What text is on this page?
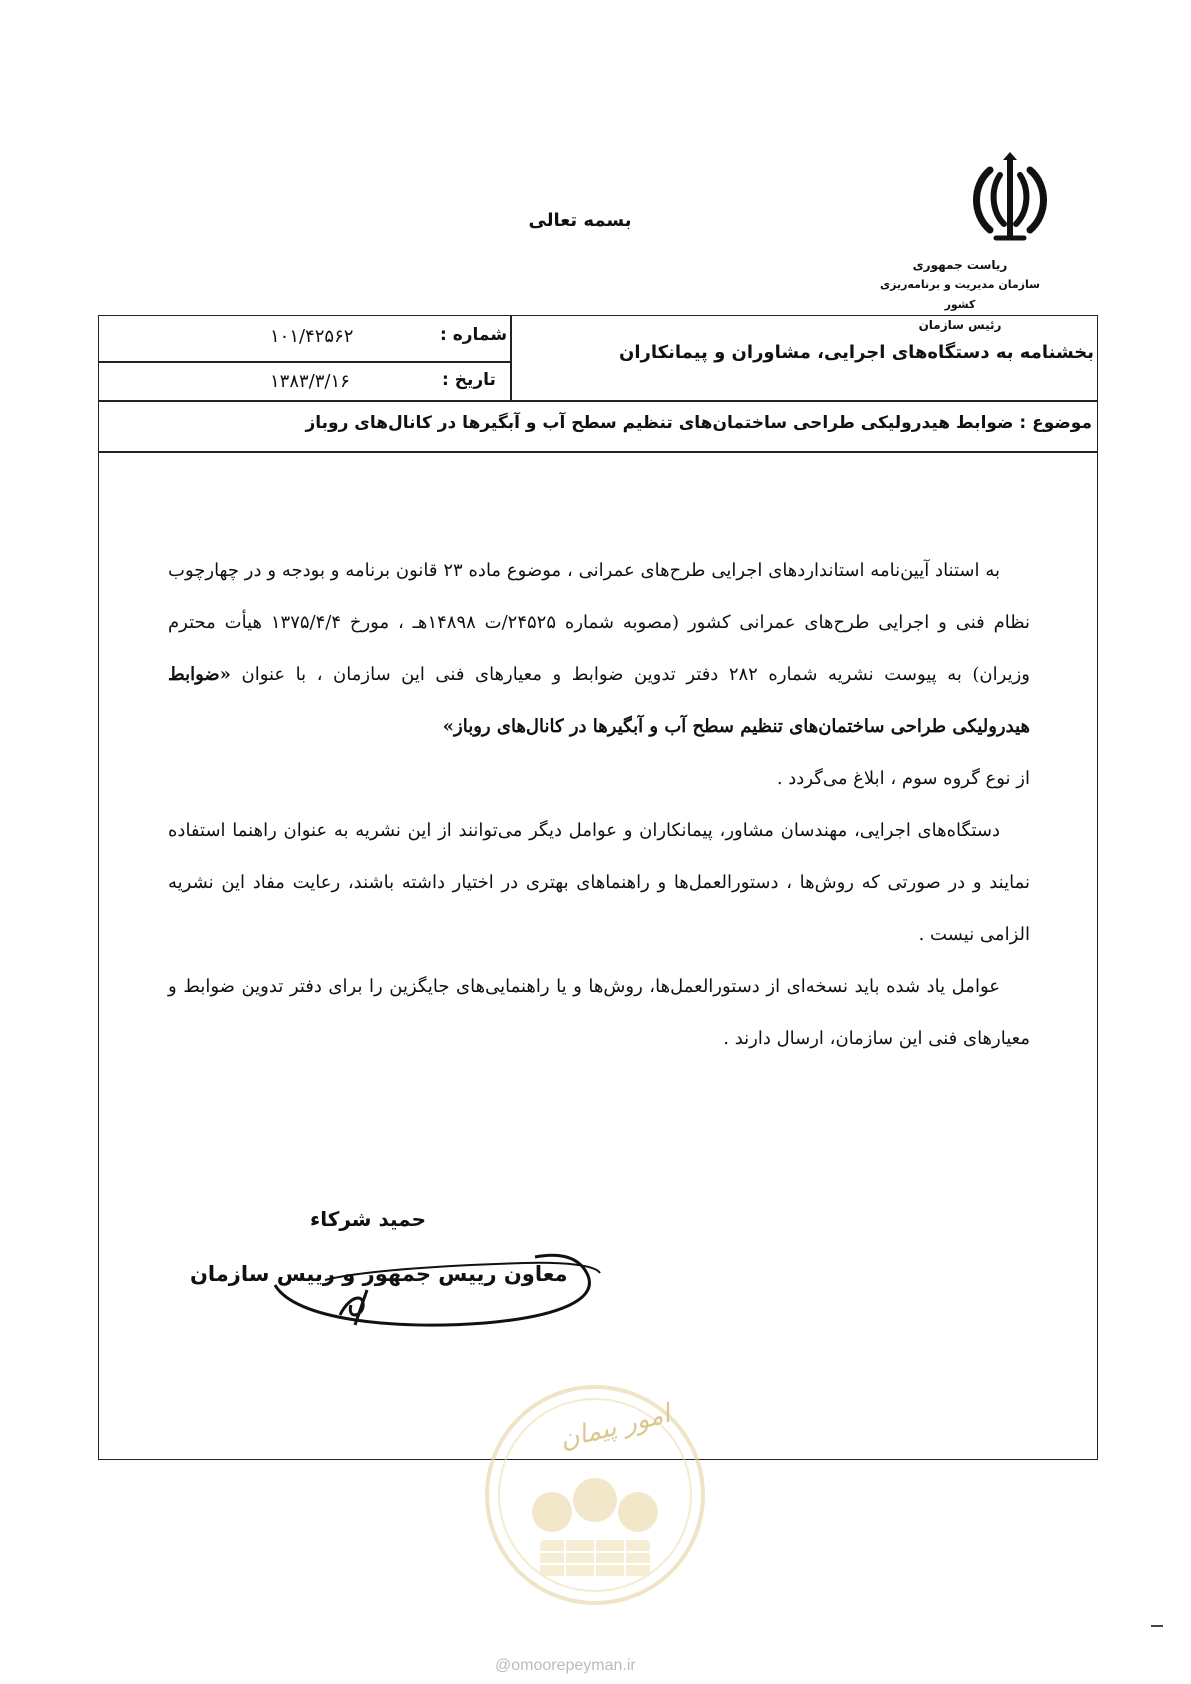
ریاست جمهوری
سازمان مدیریت و برنامه‌ریزی کشور
رئیس سازمان
بسمه تعالی
شماره :
۱۰۱/۴۲۵۶۲
تاریخ :
۱۳۸۳/۳/۱۶
بخشنامه به دستگاه‌های اجرایی، مشاوران و پیمانکاران
موضوع : ضوابط هیدرولیکی طراحی ساختمان‌های تنظیم سطح آب و آبگیرها در کانال‌های روباز

به استناد آیین‌نامه استانداردهای اجرایی طرح‌های عمرانی ، موضوع ماده ۲۳ قانون برنامه و بودجه و در چهارچوب نظام فنی و اجرایی طرح‌های عمرانی کشور (مصوبه شماره ۲۴۵۲۵/ت ۱۴۸۹۸هـ ، مورخ ۱۳۷۵/۴/۴ هیأت محترم وزیران) به پیوست نشریه شماره ۲۸۲ دفتر تدوین ضوابط و معیارهای فنی این سازمان ، با عنوان «ضوابط هیدرولیکی طراحی ساختمان‌های تنظیم سطح آب و آبگیرها در کانال‌های روباز»

از نوع گروه سوم ، ابلاغ می‌گردد .

دستگاه‌های اجرایی، مهندسان مشاور، پیمانکاران و عوامل دیگر می‌توانند از این نشریه به عنوان راهنما استفاده نمایند و در صورتی که روش‌ها ، دستورالعمل‌ها و راهنماهای بهتری در اختیار داشته باشند، رعایت مفاد این نشریه الزامی نیست .

عوامل یاد شده باید نسخه‌ای از دستورالعمل‌ها، روش‌ها و یا راهنمایی‌های جایگزین را برای دفتر تدوین ضوابط و معیارهای فنی این سازمان، ارسال دارند .

حمید شرکاء
معاون رییس جمهور و رییس سازمان
امور پیمان
@omoorepeyman.ir
